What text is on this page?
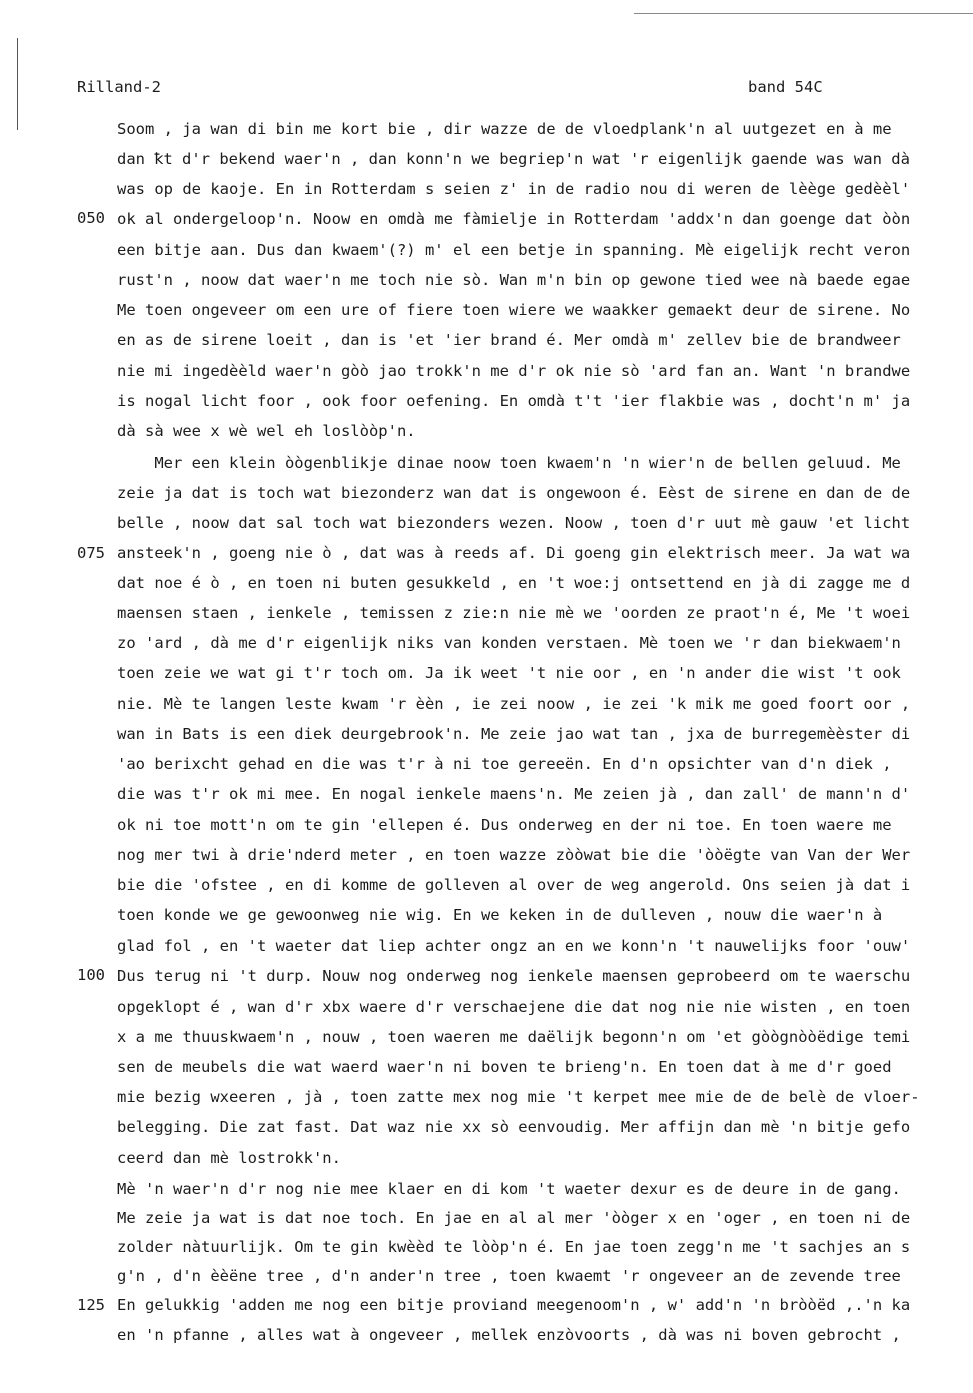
Rilland-2	band 54C
050
075
100
125
Soom , ja wan di bin me kort bie , dir wazze de de vloedplank'n al uutgezet en à me
dan ꝁt d'r bekend waer'n , dan konn'n we begriep'n wat 'r eigenlijk gaende was wan dà
was op de kaoje. En in Rotterdam s seien z' in de radio nou di weren de lèège gedèèl'
ok al ondergeloop'n. Noow en omdà me fàmielje in Rotterdam 'addx'n dan goenge dat òòn
een bitje aan. Dus dan kwaem'(?) m' el een betje in spanning. Mè eigelijk recht veron
rust'n , noow dat waer'n me toch nie sò. Wan m'n bin op gewone tied wee nà baede egae
Me toen ongeveer om een ure of fiere toen wiere we waakker gemaekt deur de sirene. No
en as de sirene loeit , dan is 'et 'ier brand é. Mer omdà m' zellev bie de brandweer
nie mi ingedèèld waer'n gòò jao trokk'n me d'r ok nie sò 'ard fan an. Want 'n brandwe
is nogal licht foor , ook foor oefening. En omdà t't 'ier flakbie was , docht'n m' ja
dà sà wee x wè wel eh loslòòp'n.
Mer een klein òògenblikje dinae noow toen kwaem'n 'n wier'n de bellen geluud. Me
zeie ja dat is toch wat biezonderz wan dat is ongewoon é. Eèst de sirene en dan de de
belle , noow dat sal toch wat biezonders wezen. Noow , toen d'r uut mè gauw 'et licht
ansteek'n , goeng nie ò , dat was à reeds af. Di goeng gin elektrisch meer. Ja wat wa
dat noe é ò , en toen ni buten gesukkeld , en 't woe:j ontsettend en jà di zagge me d
maensen staen , ienkele , temissen z zie:n nie mè we 'oorden ze praot'n é, Me 't woei
zo 'ard , dà me d'r eigenlijk niks van konden verstaen. Mè toen we 'r dan biekwaem'n
toen zeie we wat gi t'r toch om. Ja ik weet 't nie oor , en 'n ander die wist 't ook
nie. Mè te langen leste kwam 'r èèn , ie zei noow , ie zei 'k mik me goed foort oor ,
wan in Bats is een diek deurgebrook'n. Me zeie jao wat tan , jxa de burregemèèster di
'ao berixcht gehad en die was t'r à ni toe gereeën. En d'n opsichter van d'n diek ,
die was t'r ok mi mee. En nogal ienkele maens'n. Me zeien jà , dan zall' de mann'n d'
ok ni toe mott'n om te gin 'ellepen é. Dus onderweg en der ni toe. En toen waere me
nog mer twi à drie'nderd meter , en toen wazze zòòwat bie die 'òòëgte van Van der Wer
bie die 'ofstee , en di komme de golleven al over de weg angerold. Ons seien jà dat i
toen konde we ge gewoonweg nie wig. En we keken in de dulleven , nouw die waer'n à
glad fol , en 't waeter dat liep achter ongz an en we konn'n 't nauwelijks foor 'ouw'
Dus terug ni 't durp. Nouw nog onderweg nog ienkele maensen geprobeerd om te waerschu
opgeklopt é , wan d'r xbx waere d'r verschaejene die dat nog nie nie wisten , en toen
x a me thuuskwaem'n , nouw , toen waeren me daëlijk begonn'n om 'et gòògnòòëdige temi
sen de meubels die wat waerd waer'n ni boven te brieng'n. En toen dat à me d'r goed
mie bezig wxeeren , jà , toen zatte mex nog mie 't kerpet mee mie de de belè de vloer-
belegging. Die zat fast. Dat waz nie xx sò eenvoudig. Mer affijn dan mè 'n bitje gefo
ceerd dan mè lostrokk'n.
Mè 'n waer'n d'r nog nie mee klaer en di kom 't waeter dexur es de deure in de gang.
Me zeie ja wat is dat noe toch. En jae en al al mer 'òòger x en 'oger , en toen ni de
zolder nàtuurlijk. Om te gin kwèèd te lòòp'n é. En jae toen zegg'n me 't sachjes an s
g'n , d'n èèëne tree , d'n ander'n tree , toen kwaemt 'r ongeveer an de zevende tree
En gelukkig 'adden me nog een bitje proviand meegenoom'n , w' add'n 'n bròòëd ,.'n ka
en 'n pfanne , alles wat à ongeveer , mellek enzòvoorts , dà was ni boven gebrocht ,
